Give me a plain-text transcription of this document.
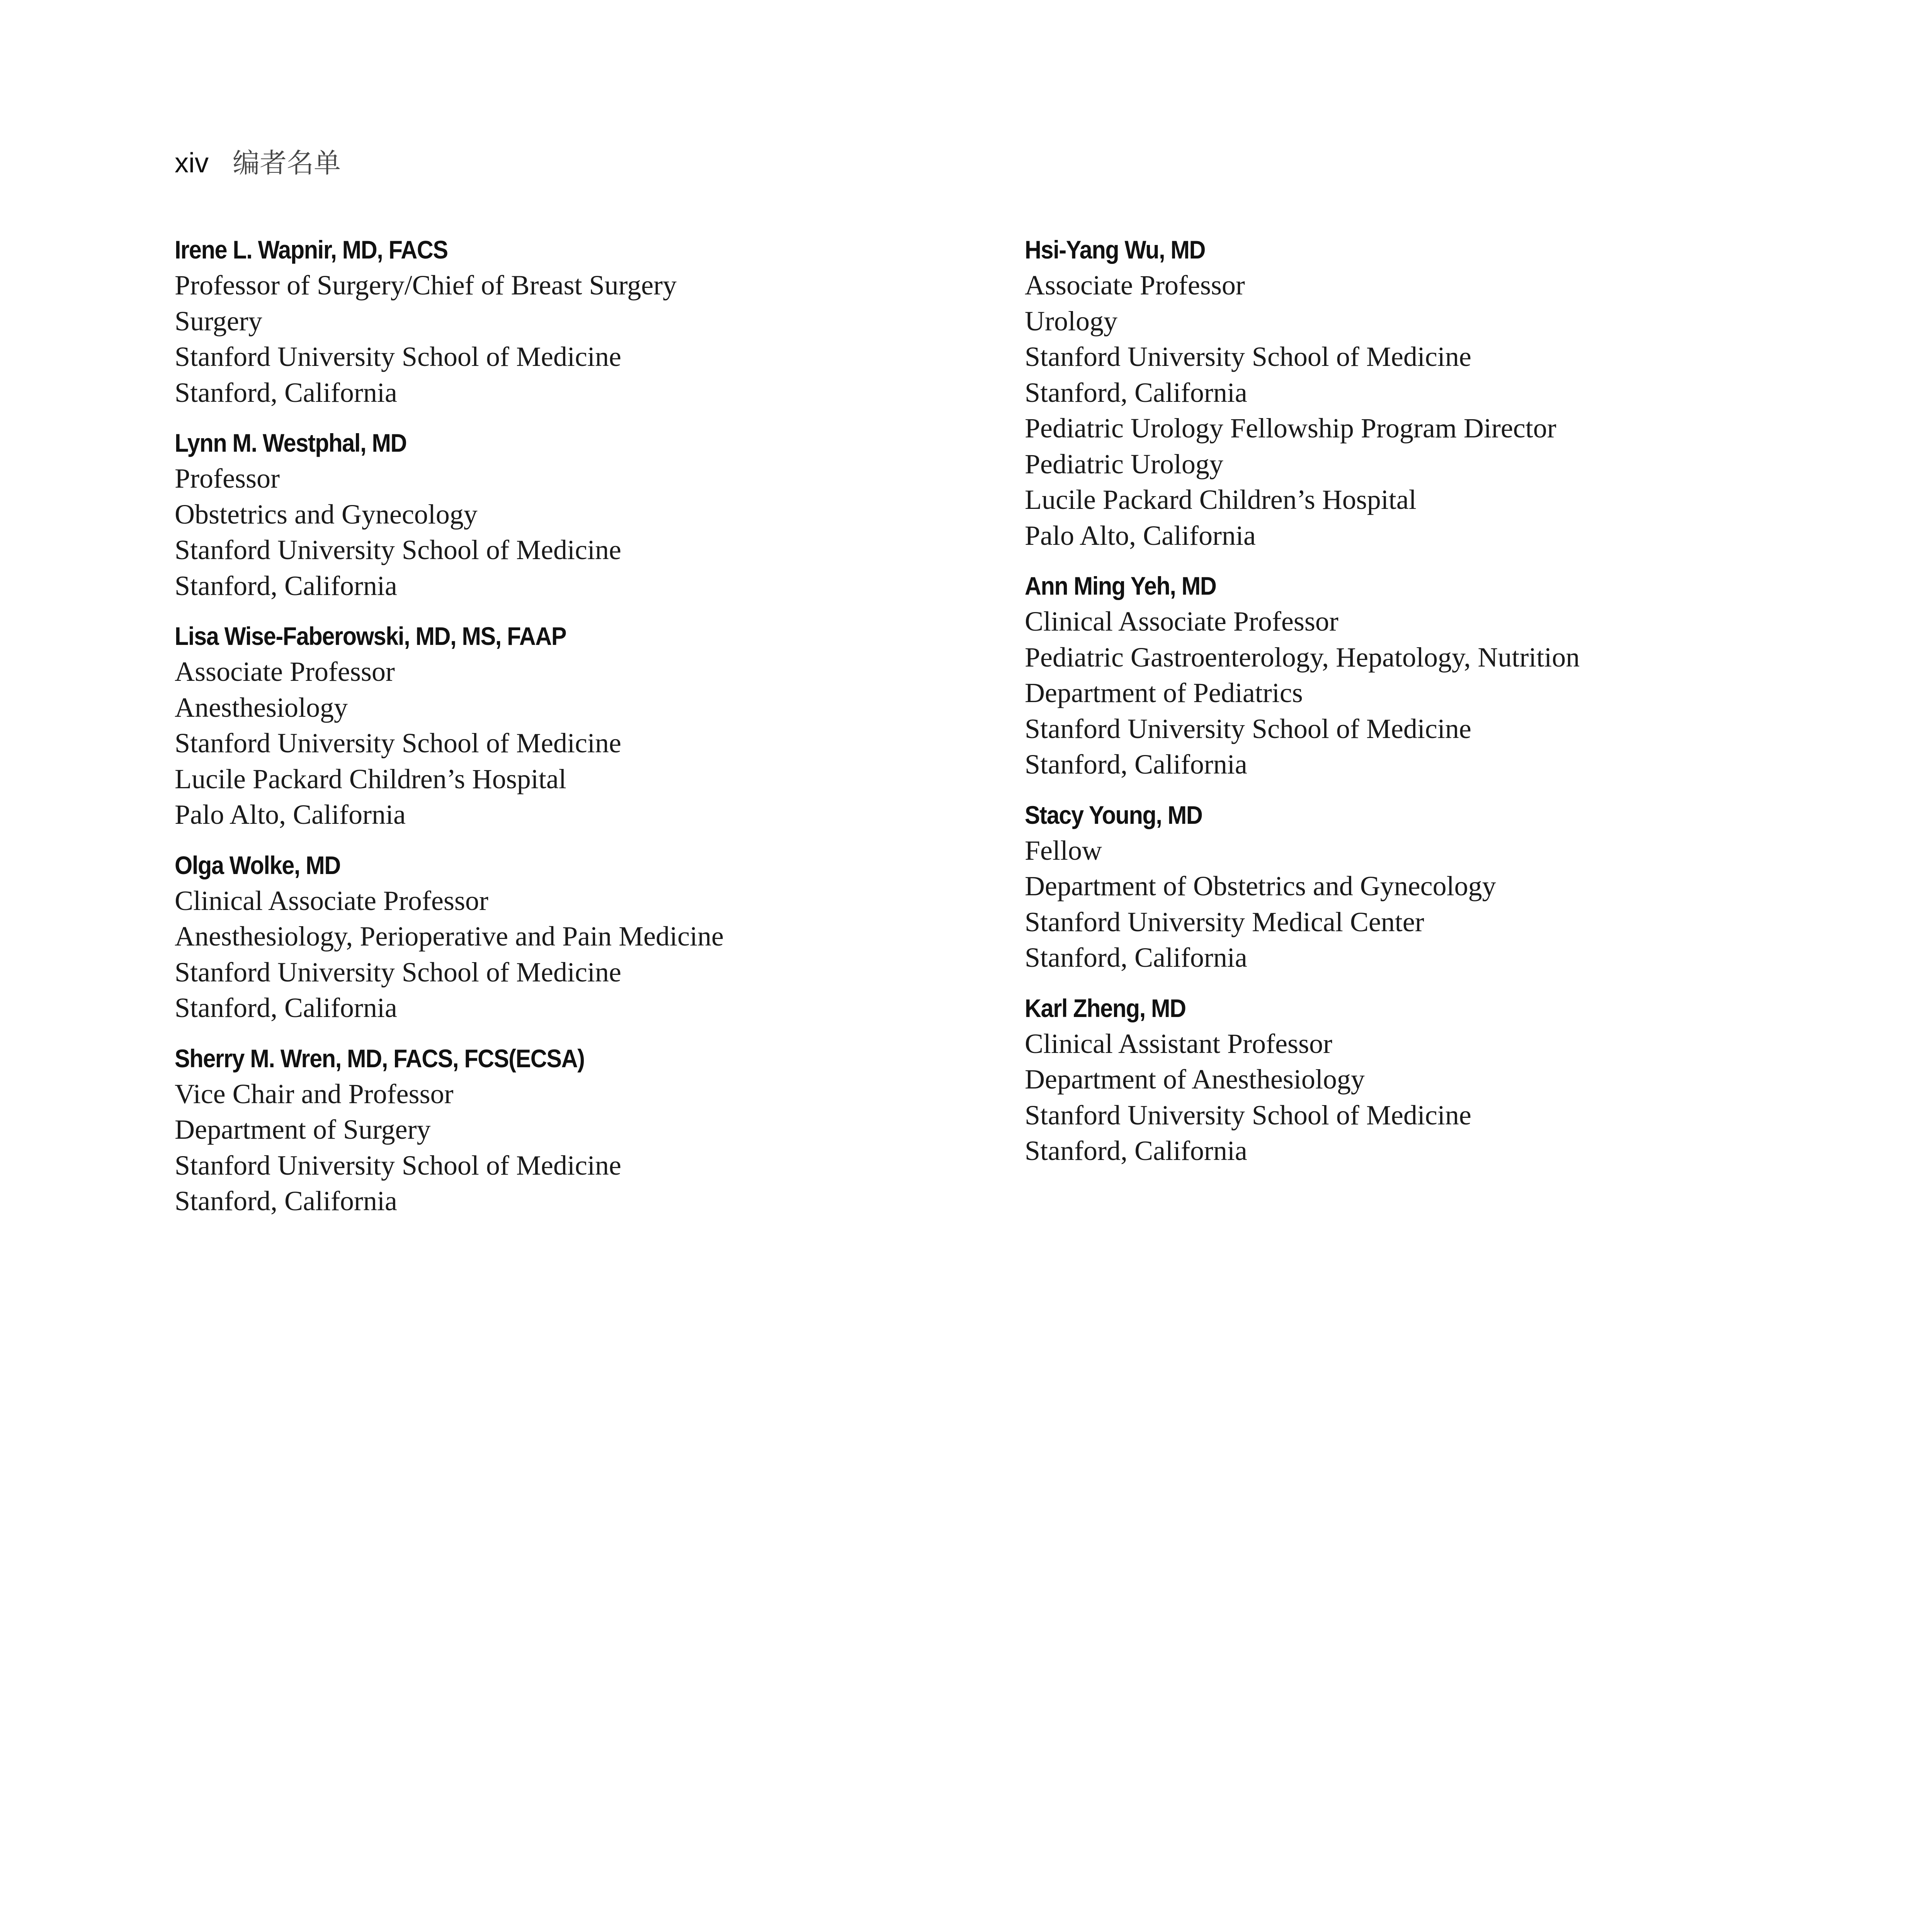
xiv 编者名单
Irene L. Wapnir, MD, FACS
Professor of Surgery/Chief of Breast Surgery
Surgery
Stanford University School of Medicine
Stanford, California
Lynn M. Westphal, MD
Professor
Obstetrics and Gynecology
Stanford University School of Medicine
Stanford, California
Lisa Wise-Faberowski, MD, MS, FAAP
Associate Professor
Anesthesiology
Stanford University School of Medicine
Lucile Packard Children’s Hospital
Palo Alto, California
Olga Wolke, MD
Clinical Associate Professor
Anesthesiology, Perioperative and Pain Medicine
Stanford University School of Medicine
Stanford, California
Sherry M. Wren, MD, FACS, FCS(ECSA)
Vice Chair and Professor
Department of Surgery
Stanford University School of Medicine
Stanford, California
Hsi-Yang Wu, MD
Associate Professor
Urology
Stanford University School of Medicine
Stanford, California
Pediatric Urology Fellowship Program Director
Pediatric Urology
Lucile Packard Children’s Hospital
Palo Alto, California
Ann Ming Yeh, MD
Clinical Associate Professor
Pediatric Gastroenterology, Hepatology, Nutrition
Department of Pediatrics
Stanford University School of Medicine
Stanford, California
Stacy Young, MD
Fellow
Department of Obstetrics and Gynecology
Stanford University Medical Center
Stanford, California
Karl Zheng, MD
Clinical Assistant Professor
Department of Anesthesiology
Stanford University School of Medicine
Stanford, California
